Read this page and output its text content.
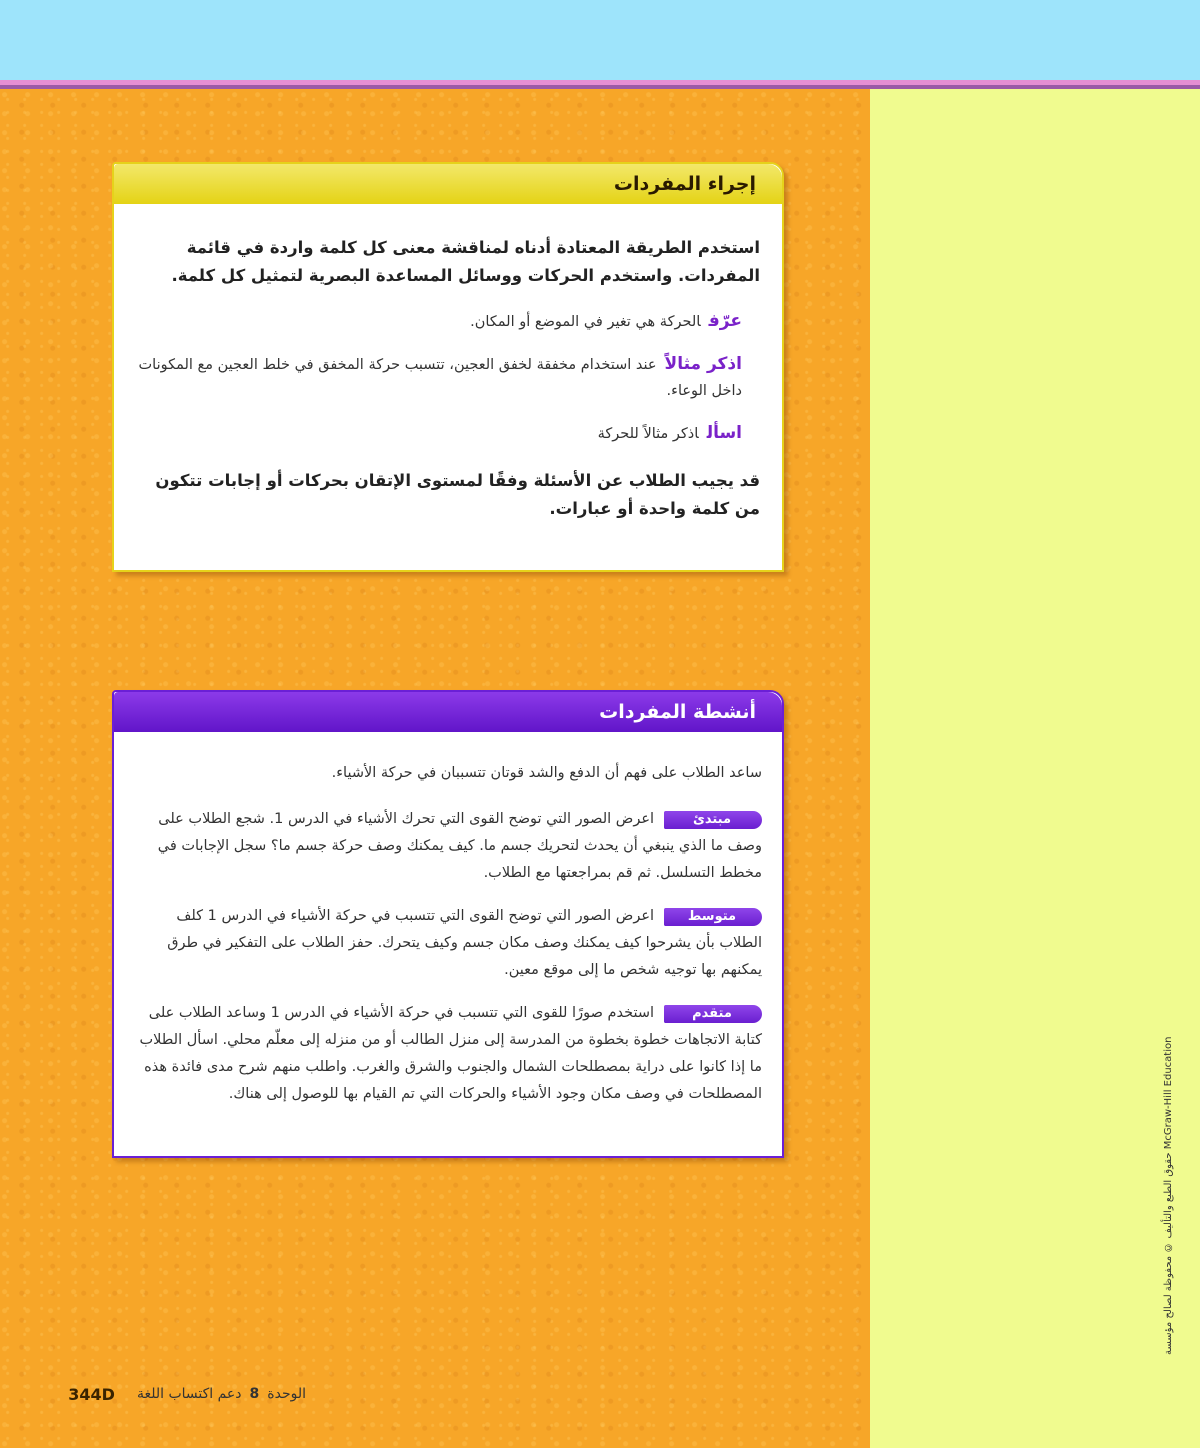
إجراء المفردات

استخدم الطريقة المعتادة أدناه لمناقشة معنى كل كلمة واردة في قائمة المفردات. واستخدم الحركات ووسائل المساعدة البصرية لتمثيل كل كلمة.

عرّفالحركة هي تغير في الموضع أو المكان.

اذكر مثالاًعند استخدام مخفقة لخفق العجين، تتسبب حركة المخفق في خلط العجين مع المكونات داخل الوعاء.

اسألاذكر مثالاً للحركة

قد يجيب الطلاب عن الأسئلة وفقًا لمستوى الإتقان بحركات أو إجابات تتكون من كلمة واحدة أو عبارات.

أنشطة المفردات

ساعد الطلاب على فهم أن الدفع والشد قوتان تتسببان في حركة الأشياء.

مبتدئ
اعرض الصور التي توضح القوى التي تحرك الأشياء في الدرس 1. شجع الطلاب على وصف ما الذي ينبغي أن يحدث لتحريك جسم ما. كيف يمكنك وصف حركة جسم ما؟ سجل الإجابات في مخطط التسلسل. ثم قم بمراجعتها مع الطلاب.

متوسط
اعرض الصور التي توضح القوى التي تتسبب في حركة الأشياء في الدرس 1 كلف الطلاب بأن يشرحوا كيف يمكنك وصف مكان جسم وكيف يتحرك. حفز الطلاب على التفكير في طرق يمكنهم بها توجيه شخص ما إلى موقع معين.

متقدم
استخدم صورًا للقوى التي تتسبب في حركة الأشياء في الدرس 1 وساعد الطلاب على كتابة الاتجاهات خطوة بخطوة من المدرسة إلى منزل الطالب أو من منزله إلى معلّم محلي. اسأل الطلاب ما إذا كانوا على دراية بمصطلحات الشمال والجنوب والشرق والغرب. واطلب منهم شرح مدى فائدة هذه المصطلحات في وصف مكان وجود الأشياء والحركات التي تم القيام بها للوصول إلى هناك.

حقوق الطبع والتأليف © محفوظة لصالح مؤسسة McGraw-Hill Education
الوحدة
8
دعم اكتساب اللغة
344D
